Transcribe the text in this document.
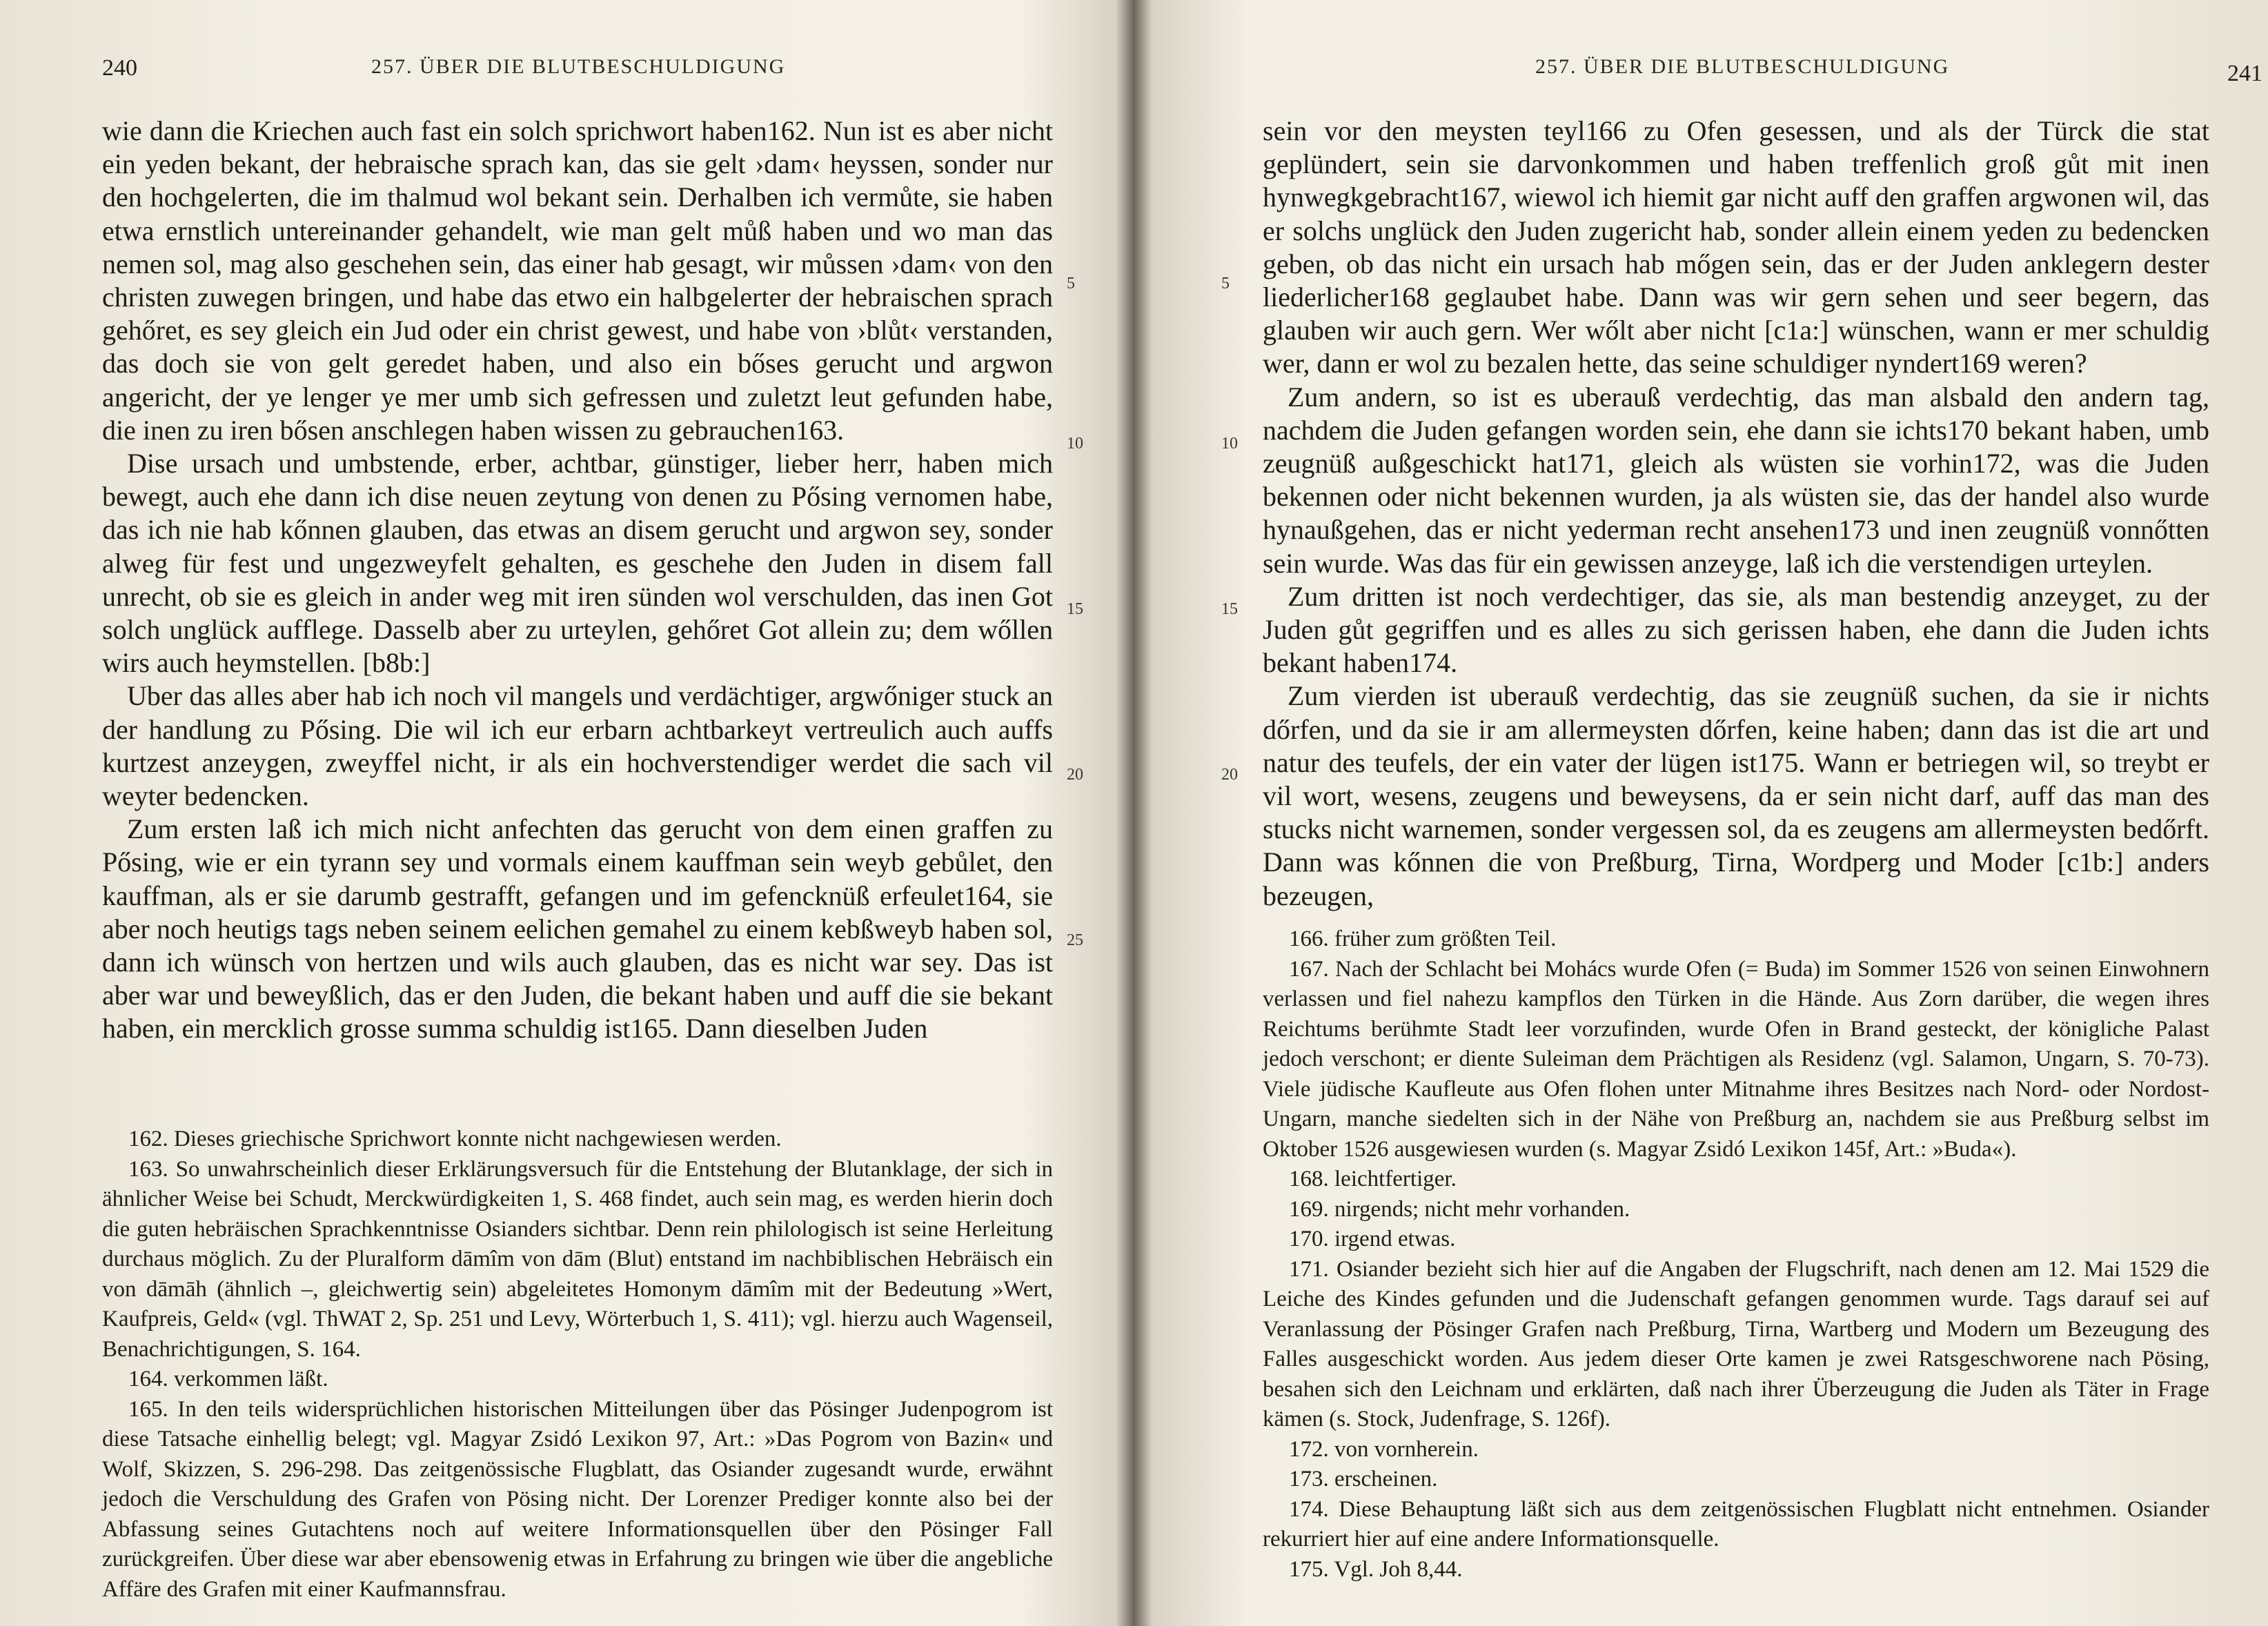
240	257. ÜBER DIE BLUTBESCHULDIGUNG

wie dann die Kriechen auch fast ein solch sprichwort haben162. Nun ist es aber nicht ein yeden bekant, der hebraische sprach kan, das sie gelt ›dam‹ heyssen, sonder nur den hochgelerten, die im thalmud wol bekant sein. Derhalben ich vermůte, sie haben etwa ernstlich untereinander gehandelt, wie man gelt můß haben und wo man das nemen sol, mag also geschehen sein, das einer hab gesagt, wir můssen ›dam‹ von den christen zuwegen bringen, und habe das etwo ein halbgelerter der hebraischen sprach gehőret, es sey gleich ein Jud oder ein christ gewest, und habe von ›blůt‹ verstanden, das doch sie von gelt geredet haben, und also ein bőses gerucht und argwon angericht, der ye lenger ye mer umb sich gefressen und zuletzt leut gefunden habe, die inen zu iren bősen anschlegen haben wissen zu gebrauchen163.

Dise ursach und umbstende, erber, achtbar, günstiger, lieber herr, haben mich bewegt, auch ehe dann ich dise neuen zeytung von denen zu Pősing vernomen habe, das ich nie hab kőnnen glauben, das etwas an disem gerucht und argwon sey, sonder alweg für fest und ungezweyfelt gehalten, es geschehe den Juden in disem fall unrecht, ob sie es gleich in ander weg mit iren sünden wol verschulden, das inen Got solch unglück aufflege. Dasselb aber zu urteylen, gehőret Got allein zu; dem wőllen wirs auch heymstellen. [b8b:]

Uber das alles aber hab ich noch vil mangels und verdächtiger, argwőniger stuck an der handlung zu Pősing. Die wil ich eur erbarn achtbarkeyt vertreulich auch auffs kurtzest anzeygen, zweyffel nicht, ir als ein hochverstendiger werdet die sach vil weyter bedencken.

Zum ersten laß ich mich nicht anfechten das gerucht von dem einen graffen zu Pősing, wie er ein tyrann sey und vormals einem kauffman sein weyb gebůlet, den kauffman, als er sie darumb gestrafft, gefangen und im gefencknüß erfeulet164, sie aber noch heutigs tags neben seinem eelichen gemahel zu einem kebßweyb haben sol, dann ich wünsch von hertzen und wils auch glauben, das es nicht war sey. Das ist aber war und beweyßlich, das er den Juden, die bekant haben und auff die sie bekant haben, ein mercklich grosse summa schuldig ist165. Dann dieselben Juden

5
10
15
20
25

162. Dieses griechische Sprichwort konnte nicht nachgewiesen werden.

163. So unwahrscheinlich dieser Erklärungsversuch für die Entstehung der Blutanklage, der sich in ähnlicher Weise bei Schudt, Merckwürdigkeiten 1, S. 468 findet, auch sein mag, es werden hierin doch die guten hebräischen Sprachkenntnisse Osianders sichtbar. Denn rein philologisch ist seine Herleitung durchaus möglich. Zu der Pluralform dāmîm von dām (Blut) entstand im nachbiblischen Hebräisch ein von dāmāh (ähnlich –, gleichwertig sein) abgeleitetes Homonym dāmîm mit der Bedeutung »Wert, Kaufpreis, Geld« (vgl. ThWAT 2, Sp. 251 und Levy, Wörterbuch 1, S. 411); vgl. hierzu auch Wagenseil, Benachrichtigungen, S. 164.

164. verkommen läßt.

165. In den teils widersprüchlichen historischen Mitteilungen über das Pösinger Judenpogrom ist diese Tatsache einhellig belegt; vgl. Magyar Zsidó Lexikon 97, Art.: »Das Pogrom von Bazin« und Wolf, Skizzen, S. 296-298. Das zeitgenössische Flugblatt, das Osiander zugesandt wurde, erwähnt jedoch die Verschuldung des Grafen von Pösing nicht. Der Lorenzer Prediger konnte also bei der Abfassung seines Gutachtens noch auf weitere Informationsquellen über den Pösinger Fall zurückgreifen. Über diese war aber ebensowenig etwas in Erfahrung zu bringen wie über die angebliche Affäre des Grafen mit einer Kaufmannsfrau.

257. ÜBER DIE BLUTBESCHULDIGUNG	241

sein vor den meysten teyl166 zu Ofen gesessen, und als der Türck die stat geplündert, sein sie darvonkommen und haben treffenlich groß gůt mit inen hynwegkgebracht167, wiewol ich hiemit gar nicht auff den graffen argwonen wil, das er solchs unglück den Juden zugericht hab, sonder allein einem yeden zu bedencken geben, ob das nicht ein ursach hab mőgen sein, das er der Juden anklegern dester liederlicher168 geglaubet habe. Dann was wir gern sehen und seer begern, das glauben wir auch gern. Wer wőlt aber nicht [c1a:] wünschen, wann er mer schuldig wer, dann er wol zu bezalen hette, das seine schuldiger nyndert169 weren?

Zum andern, so ist es uberauß verdechtig, das man alsbald den andern tag, nachdem die Juden gefangen worden sein, ehe dann sie ichts170 bekant haben, umb zeugnüß außgeschickt hat171, gleich als wüsten sie vorhin172, was die Juden bekennen oder nicht bekennen wurden, ja als wüsten sie, das der handel also wurde hynaußgehen, das er nicht yederman recht ansehen173 und inen zeugnüß vonnőtten sein wurde. Was das für ein gewissen anzeyge, laß ich die verstendigen urteylen.

Zum dritten ist noch verdechtiger, das sie, als man bestendig anzeyget, zu der Juden gůt gegriffen und es alles zu sich gerissen haben, ehe dann die Juden ichts bekant haben174.

Zum vierden ist uberauß verdechtig, das sie zeugnüß suchen, da sie ir nichts dőrfen, und da sie ir am allermeysten dőrfen, keine haben; dann das ist die art und natur des teufels, der ein vater der lügen ist175. Wann er betriegen wil, so treybt er vil wort, wesens, zeugens und beweysens, da er sein nicht darf, auff das man des stucks nicht warnemen, sonder vergessen sol, da es zeugens am allermeysten bedőrft. Dann was kőnnen die von Preßburg, Tirna, Wordperg und Moder [c1b:] anders bezeugen,

5
10
15
20

166. früher zum größten Teil.

167. Nach der Schlacht bei Mohács wurde Ofen (= Buda) im Sommer 1526 von seinen Einwohnern verlassen und fiel nahezu kampflos den Türken in die Hände. Aus Zorn darüber, die wegen ihres Reichtums berühmte Stadt leer vorzufinden, wurde Ofen in Brand gesteckt, der königliche Palast jedoch verschont; er diente Suleiman dem Prächtigen als Residenz (vgl. Salamon, Ungarn, S. 70-73). Viele jüdische Kaufleute aus Ofen flohen unter Mitnahme ihres Besitzes nach Nord- oder Nordost-Ungarn, manche siedelten sich in der Nähe von Preßburg an, nachdem sie aus Preßburg selbst im Oktober 1526 ausgewiesen wurden (s. Magyar Zsidó Lexikon 145f, Art.: »Buda«).

168. leichtfertiger.

169. nirgends; nicht mehr vorhanden.

170. irgend etwas.

171. Osiander bezieht sich hier auf die Angaben der Flugschrift, nach denen am 12. Mai 1529 die Leiche des Kindes gefunden und die Judenschaft gefangen genommen wurde. Tags darauf sei auf Veranlassung der Pösinger Grafen nach Preßburg, Tirna, Wartberg und Modern um Bezeugung des Falles ausgeschickt worden. Aus jedem dieser Orte kamen je zwei Ratsgeschworene nach Pösing, besahen sich den Leichnam und erklärten, daß nach ihrer Überzeugung die Juden als Täter in Frage kämen (s. Stock, Judenfrage, S. 126f).

172. von vornherein.

173. erscheinen.

174. Diese Behauptung läßt sich aus dem zeitgenössischen Flugblatt nicht entnehmen. Osiander rekurriert hier auf eine andere Informationsquelle.

175. Vgl. Joh 8,44.
